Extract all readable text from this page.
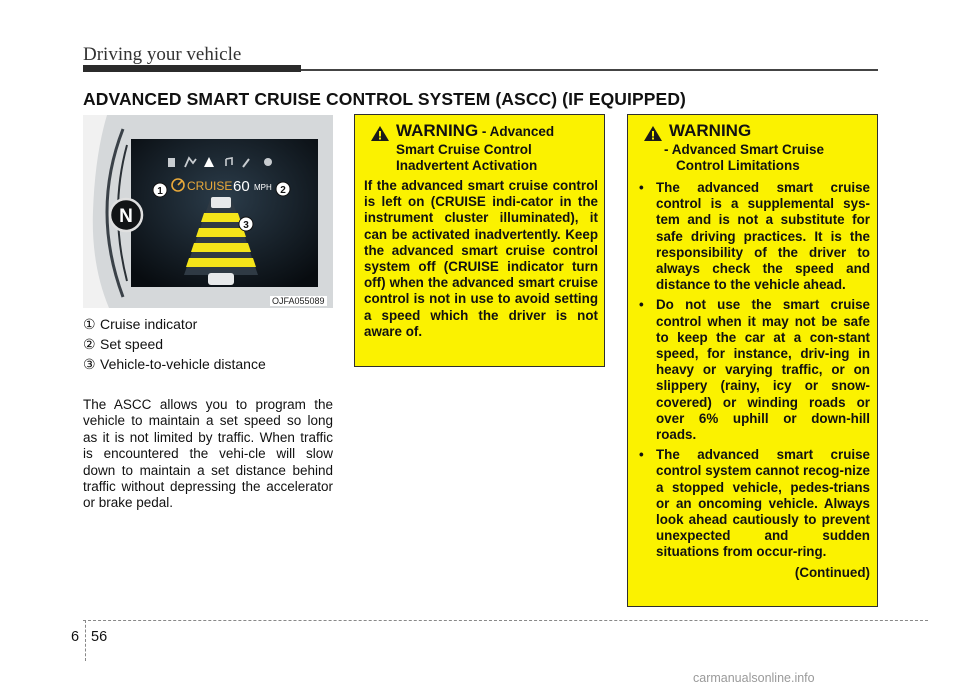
Driving your vehicle
ADVANCED SMART CRUISE CONTROL SYSTEM (ASCC) (IF EQUIPPED)
N
CRUISE 60 MPH
1	2
3
OJFA055089
① Cruise indicator
② Set speed
③ Vehicle-to-vehicle distance
The ASCC allows you to program the vehicle to maintain a set speed so long as it is not limited by traffic. When traffic is encountered the vehi-cle will slow down to maintain a set distance behind traffic without depressing the accelerator or brake pedal.
WARNING - Advanced
Smart Cruise Control
Inadvertent Activation
If the advanced smart cruise control is left on (CRUISE indi-cator in the instrument cluster illuminated), it can be activated inadvertently. Keep the advanced smart cruise control system off (CRUISE indicator turn off) when the advanced smart cruise control is not in use to avoid setting a speed which the driver is not aware of.
WARNING
- Advanced Smart Cruise
Control Limitations
• The advanced smart cruise control is a supplemental sys-tem and is not a substitute for safe driving practices. It is the responsibility of the driver to always check the speed and distance to the vehicle ahead.
• Do not use the smart cruise control when it may not be safe to keep the car at a con-stant speed, for instance, driv-ing in heavy or varying traffic, or on slippery (rainy, icy or snow-covered) or winding roads or over 6% uphill or down-hill roads.
• The advanced smart cruise control system cannot recog-nize a stopped vehicle, pedes-trians or an oncoming vehicle. Always look ahead cautiously to prevent unexpected and sudden situations from occur-ring.
(Continued)
6 56
carmanualsonline.info
